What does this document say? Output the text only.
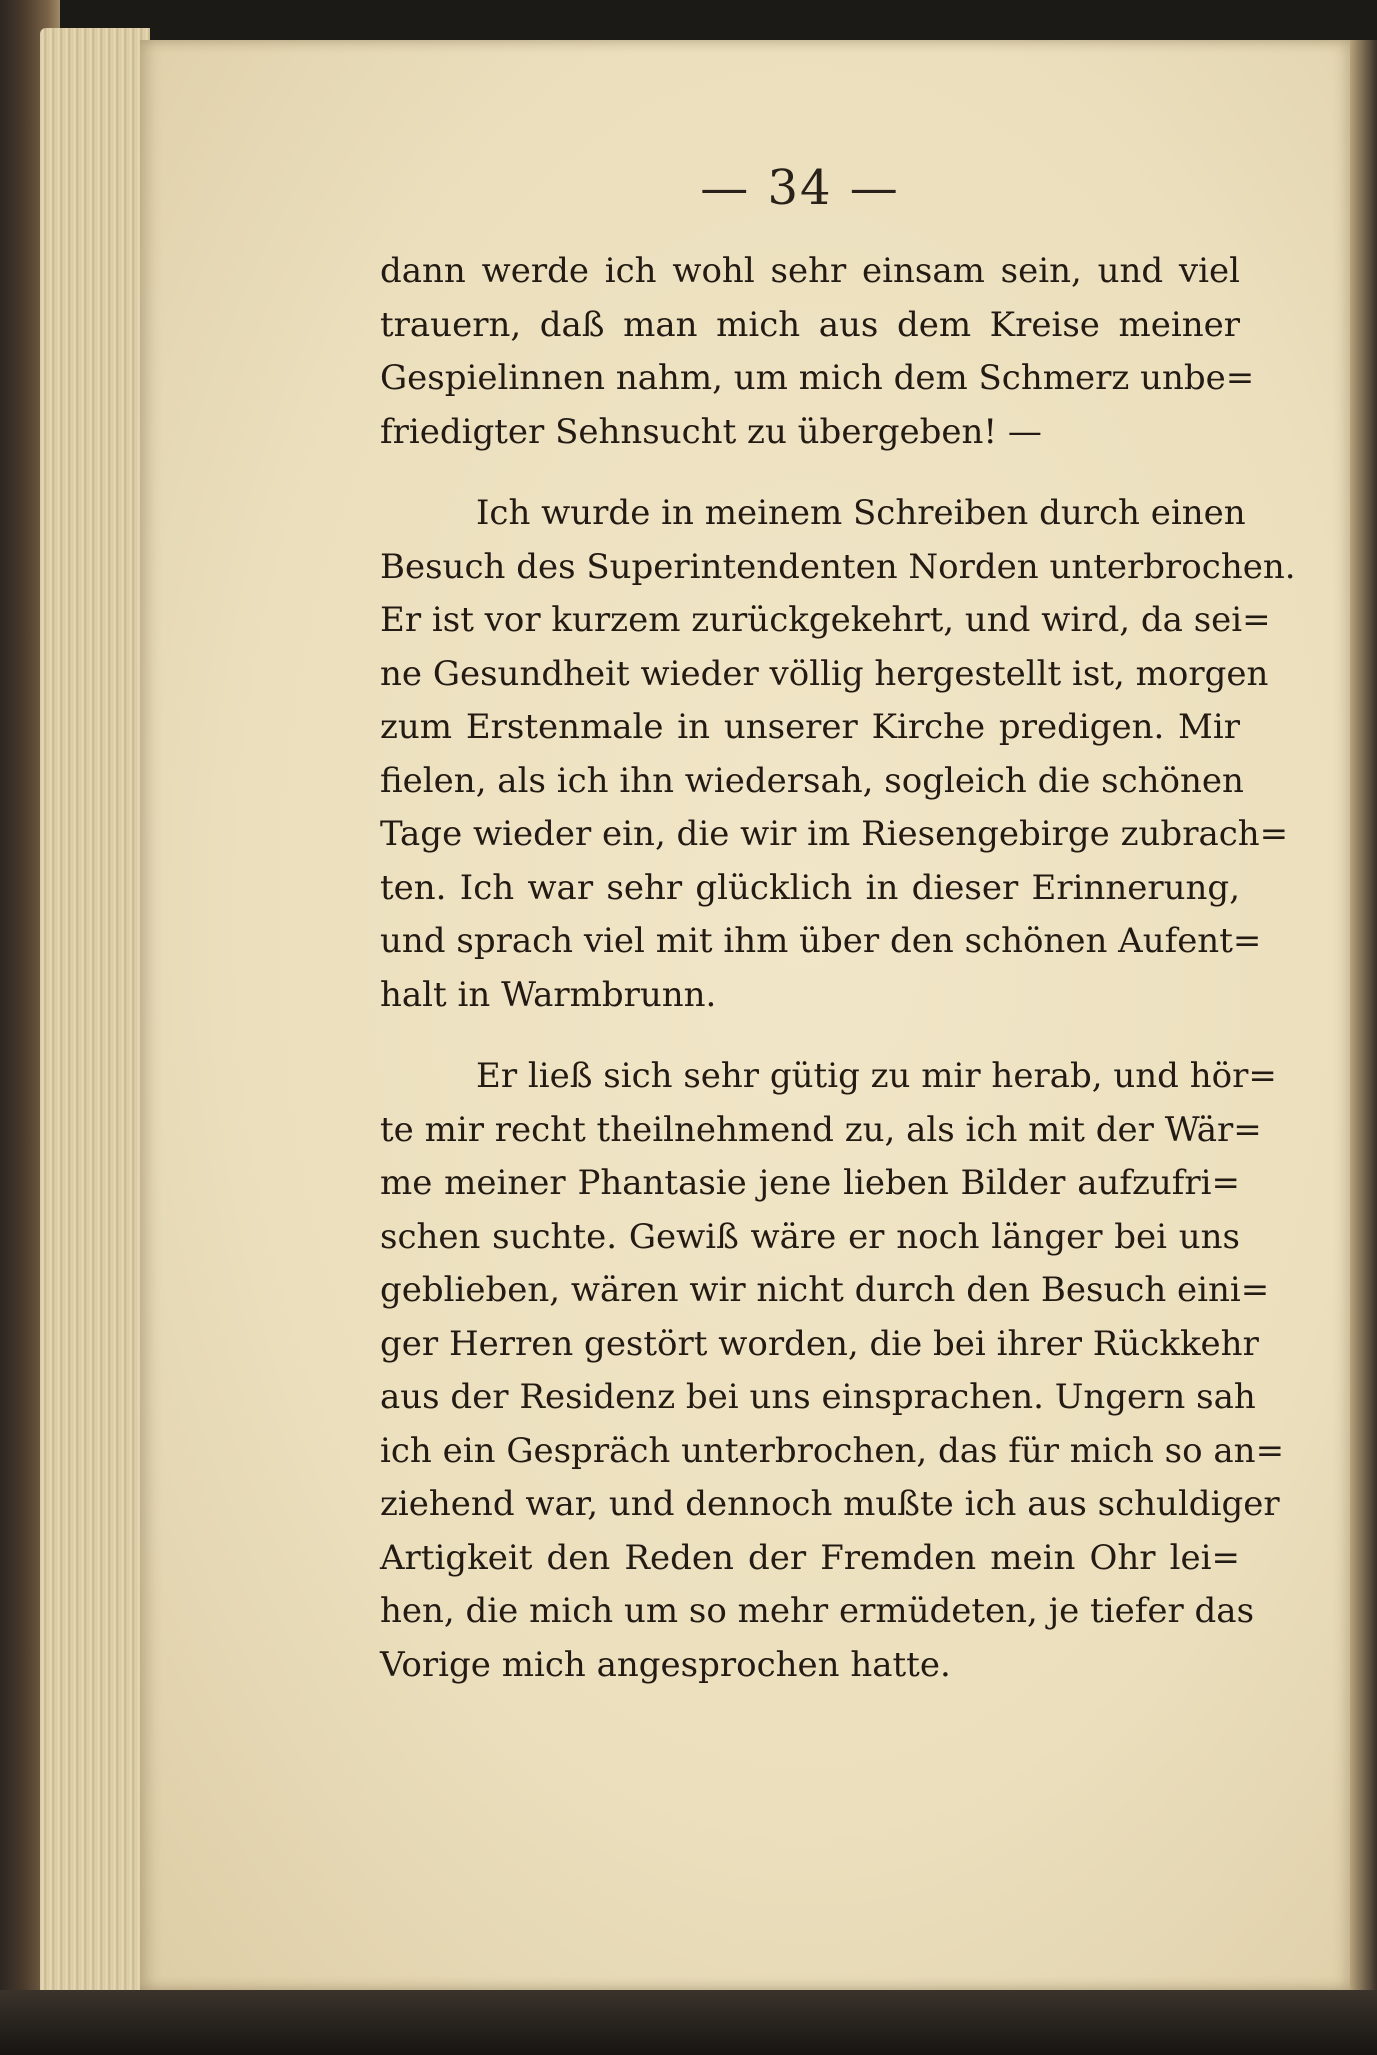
— 34 —

dann werde ich wohl sehr einsam sein, und viel
trauern, daß man mich aus dem Kreise meiner
Gespielinnen nahm, um mich dem Schmerz unbe=
friedigter Sehnsucht zu übergeben! —

Ich wurde in meinem Schreiben durch einen
Besuch des Superintendenten Norden unterbrochen.
Er ist vor kurzem zurückgekehrt, und wird, da sei=
ne Gesundheit wieder völlig hergestellt ist, morgen
zum Erstenmale in unserer Kirche predigen. Mir
fielen, als ich ihn wiedersah, sogleich die schönen
Tage wieder ein, die wir im Riesengebirge zubrach=
ten. Ich war sehr glücklich in dieser Erinnerung,
und sprach viel mit ihm über den schönen Aufent=
halt in Warmbrunn.

Er ließ sich sehr gütig zu mir herab, und hör=
te mir recht theilnehmend zu, als ich mit der Wär=
me meiner Phantasie jene lieben Bilder aufzufri=
schen suchte. Gewiß wäre er noch länger bei uns
geblieben, wären wir nicht durch den Besuch eini=
ger Herren gestört worden, die bei ihrer Rückkehr
aus der Residenz bei uns einsprachen. Ungern sah
ich ein Gespräch unterbrochen, das für mich so an=
ziehend war, und dennoch mußte ich aus schuldiger
Artigkeit den Reden der Fremden mein Ohr lei=
hen, die mich um so mehr ermüdeten, je tiefer das
Vorige mich angesprochen hatte.
